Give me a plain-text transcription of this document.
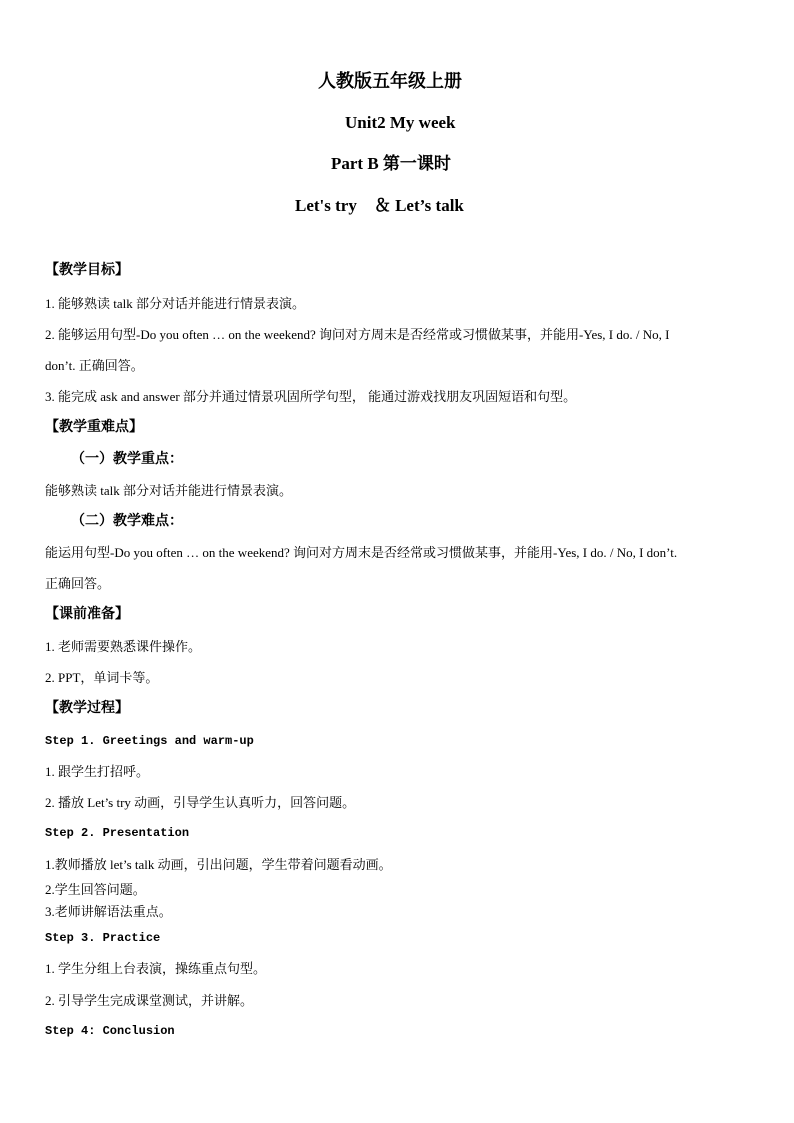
人教版五年级上册
Unit2 My week
Part B 第一课时
Let's try　＆ Let’s talk
【教学目标】
1. 能够熟读 talk 部分对话并能进行情景表演。
2. 能够运用句型-Do you often … on the weekend? 询问对方周末是否经常或习惯做某事，并能用-Yes, I do. / No, I
don’t. 正确回答。
3. 能完成 ask and answer 部分并通过情景巩固所学句型， 能通过游戏找朋友巩固短语和句型。
【教学重难点】
（一）教学重点：
能够熟读 talk 部分对话并能进行情景表演。
（二）教学难点：
能运用句型-Do you often … on the weekend? 询问对方周末是否经常或习惯做某事，并能用-Yes, I do. / No, I don’t.
正确回答。
【课前准备】
1. 老师需要熟悉课件操作。
2. PPT，单词卡等。
【教学过程】
Step 1. Greetings and warm-up
1. 跟学生打招呼。
2. 播放 Let’s try 动画，引导学生认真听力，回答问题。
Step 2. Presentation
1.教师播放 let’s talk 动画，引出问题，学生带着问题看动画。
2.学生回答问题。
3.老师讲解语法重点。
Step 3. Practice
1. 学生分组上台表演，操练重点句型。
2. 引导学生完成课堂测试，并讲解。
Step 4: Conclusion
